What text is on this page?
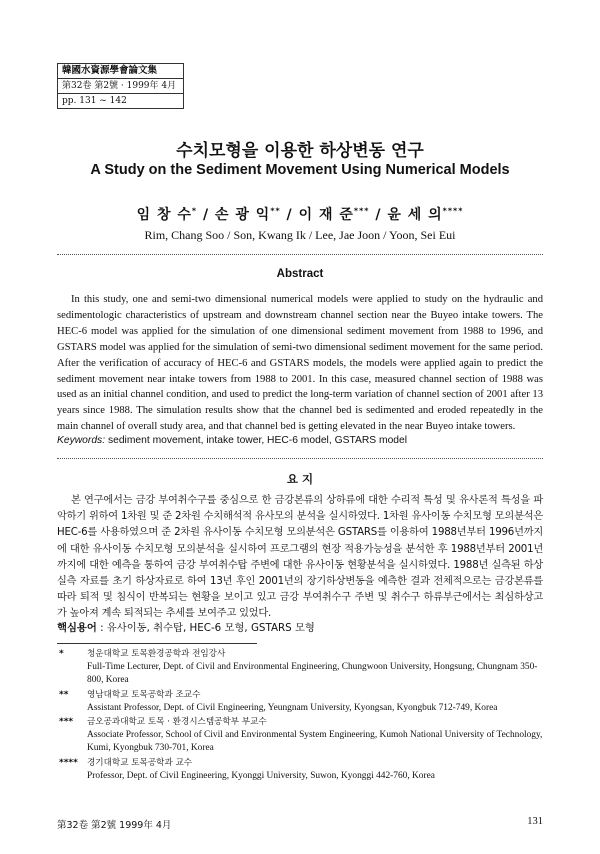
韓國水資源學會論文集
第32卷 第2號 · 1999年 4月
pp. 131 ~ 142
수치모형을 이용한 하상변동 연구
A Study on the Sediment Movement Using Numerical Models
임 창 수* / 손 광 익** / 이 재 준*** / 윤 세 의****
Rim, Chang Soo / Son, Kwang Ik / Lee, Jae Joon / Yoon, Sei Eui
Abstract
In this study, one and semi-two dimensional numerical models were applied to study on the hydraulic and sedimentologic characteristics of upstream and downstream channel section near the Buyeo intake towers. The HEC-6 model was applied for the simulation of one dimensional sediment movement from 1988 to 1996, and GSTARS model was applied for the simulation of semi-two dimensional sediment movement for the same period. After the verification of accuracy of HEC-6 and GSTARS models, the models were applied again to predict the sediment movement near intake towers from 1988 to 2001. In this case, measured channel section of 1988 was used as an initial channel condition, and used to predict the long-term variation of channel section of 2001 after 13 years since 1988. The simulation results show that the channel bed is sedimented and eroded repeatedly in the main channel of overall study area, and that channel bed is getting elevated in the near Buyeo intake towers.
Keywords: sediment movement, intake tower, HEC-6 model, GSTARS model
요 지
본 연구에서는 금강 부여취수구를 중심으로 한 금강본류의 상하류에 대한 수리적 특성 및 유사론적 특성을 파악하기 위하여 1차원 및 준 2차원 수치해석적 유사모의 분석을 실시하였다. 1차원 유사이동 수치모형 모의분석은 HEC-6를 사용하였으며 준 2차원 유사이동 수치모형 모의분석은 GSTARS를 이용하여 1988년부터 1996년까지에 대한 유사이동 수치모형 모의분석을 실시하여 프로그램의 현장 적용가능성을 분석한 후 1988년부터 2001년까지에 대한 예측을 통하여 금강 부여취수탑 주변에 대한 유사이동 현황분석을 실시하였다. 1988년 실측된 하상 실측 자료를 초기 하상자료로 하여 13년 후인 2001년의 장기하상변동을 예측한 결과 전체적으로는 금강본류를 따라 퇴적 및 침식이 반복되는 현황을 보이고 있고 금강 부여취수구 주변 및 취수구 하류부근에서는 최심하상고가 높아져 계속 퇴적되는 추세를 보여주고 있었다.
핵심용어 : 유사이동, 취수탑, HEC-6 모형, GSTARS 모형
*	청운대학교 토목환경공학과 전임강사
Full-Time Lecturer, Dept. of Civil and Environmental Engineering, Chungwoon University, Hongsung, Chungnam 350-800, Korea
** 영남대학교 토목공학과 조교수
Assistant Professor, Dept. of Civil Engineering, Yeungnam University, Kyongsan, Kyongbuk 712-749, Korea
*** 금오공과대학교 토목 · 환경시스템공학부 부교수
Associate Professor, School of Civil and Environmental System Engineering, Kumoh National University of Technology, Kumi, Kyongbuk 730-701, Korea
**** 경기대학교 토목공학과 교수
Professor, Dept. of Civil Engineering, Kyonggi University, Suwon, Kyonggi 442-760, Korea
第32卷 第2號 1999年 4月	131
